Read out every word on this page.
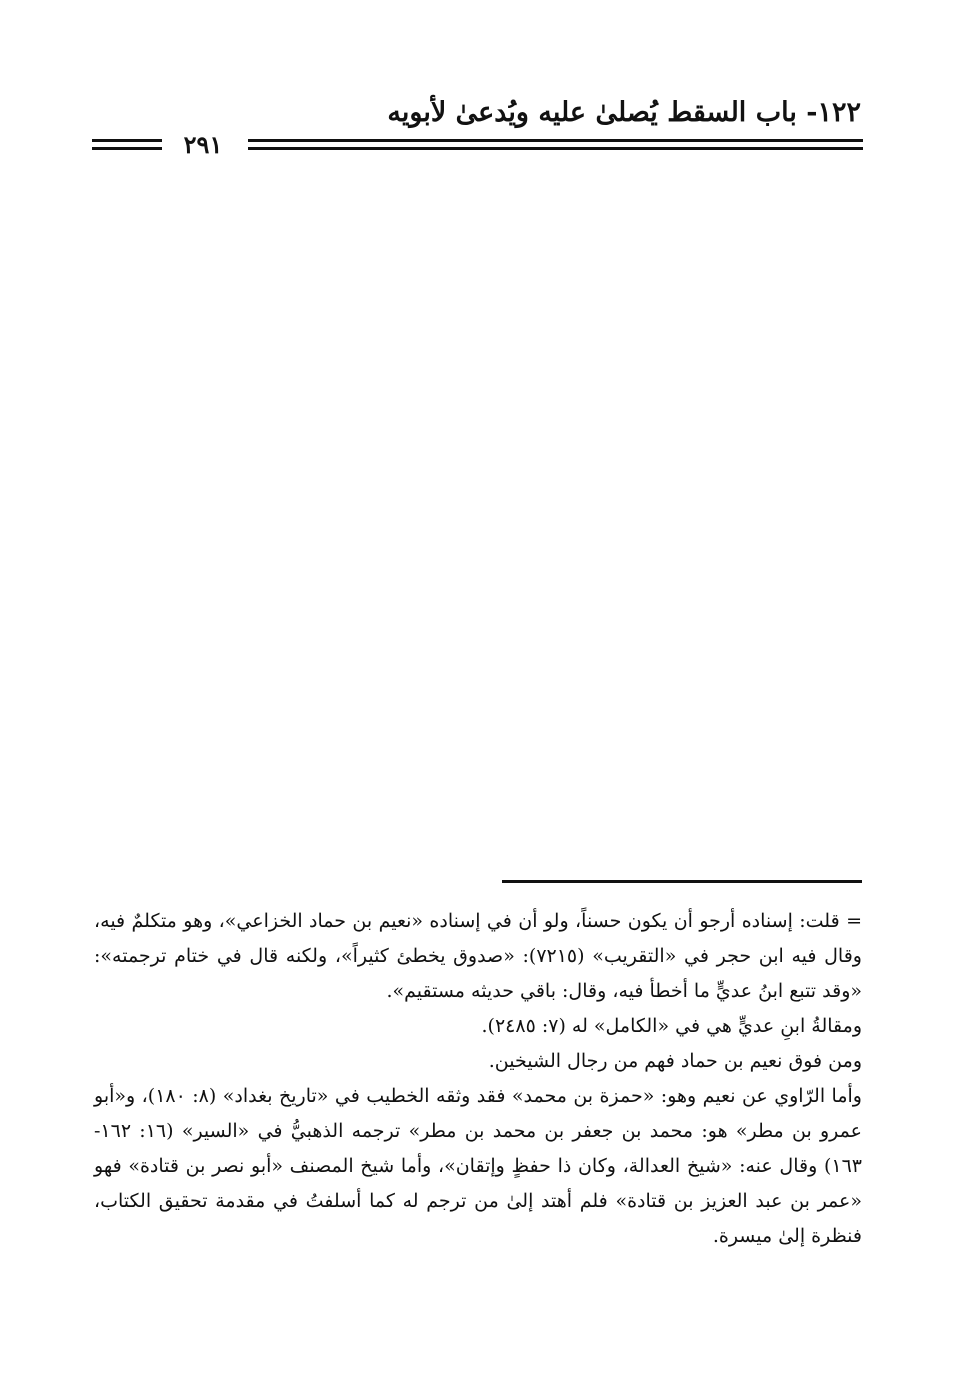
١٢٢- باب السقط يُصلىٰ عليه ويُدعىٰ لأبويه
٢٩١

= قلت: إسناده أرجو أن يكون حسناً، ولو أن في إسناده «نعيم بن حماد الخزاعي»، وهو متكلمٌ فيه، وقال فيه ابن حجر في «التقريب» (٧٢١٥): «صدوق يخطئ كثيراً»، ولكنه قال في ختام ترجمته»: «وقد تتبع ابنُ عديٍّ ما أخطأ فيه، وقال: باقي حديثه مستقيم».

ومقالةُ ابنِ عديٍّ هي في «الكامل» له (٧: ٢٤٨٥).

ومن فوق نعيم بن حماد فهم من رجال الشيخين.

وأما الرّاوي عن نعيم وهو: «حمزة بن محمد» فقد وثقه الخطيب في «تاريخ بغداد» (٨: ١٨٠)، و«أبو عمرو بن مطر» هو: محمد بن جعفر بن محمد بن مطر» ترجمه الذهبيُّ في «السير» (١٦: ١٦٢- ١٦٣) وقال عنه: «شيخ العدالة، وكان ذا حفظٍ وإتقان»، وأما شيخ المصنف «أبو نصر بن قتادة» فهو «عمر بن عبد العزيز بن قتادة» فلم أهتد إلىٰ من ترجم له كما أسلفتُ في مقدمة تحقيق الكتاب، فنظرة إلىٰ ميسرة.
